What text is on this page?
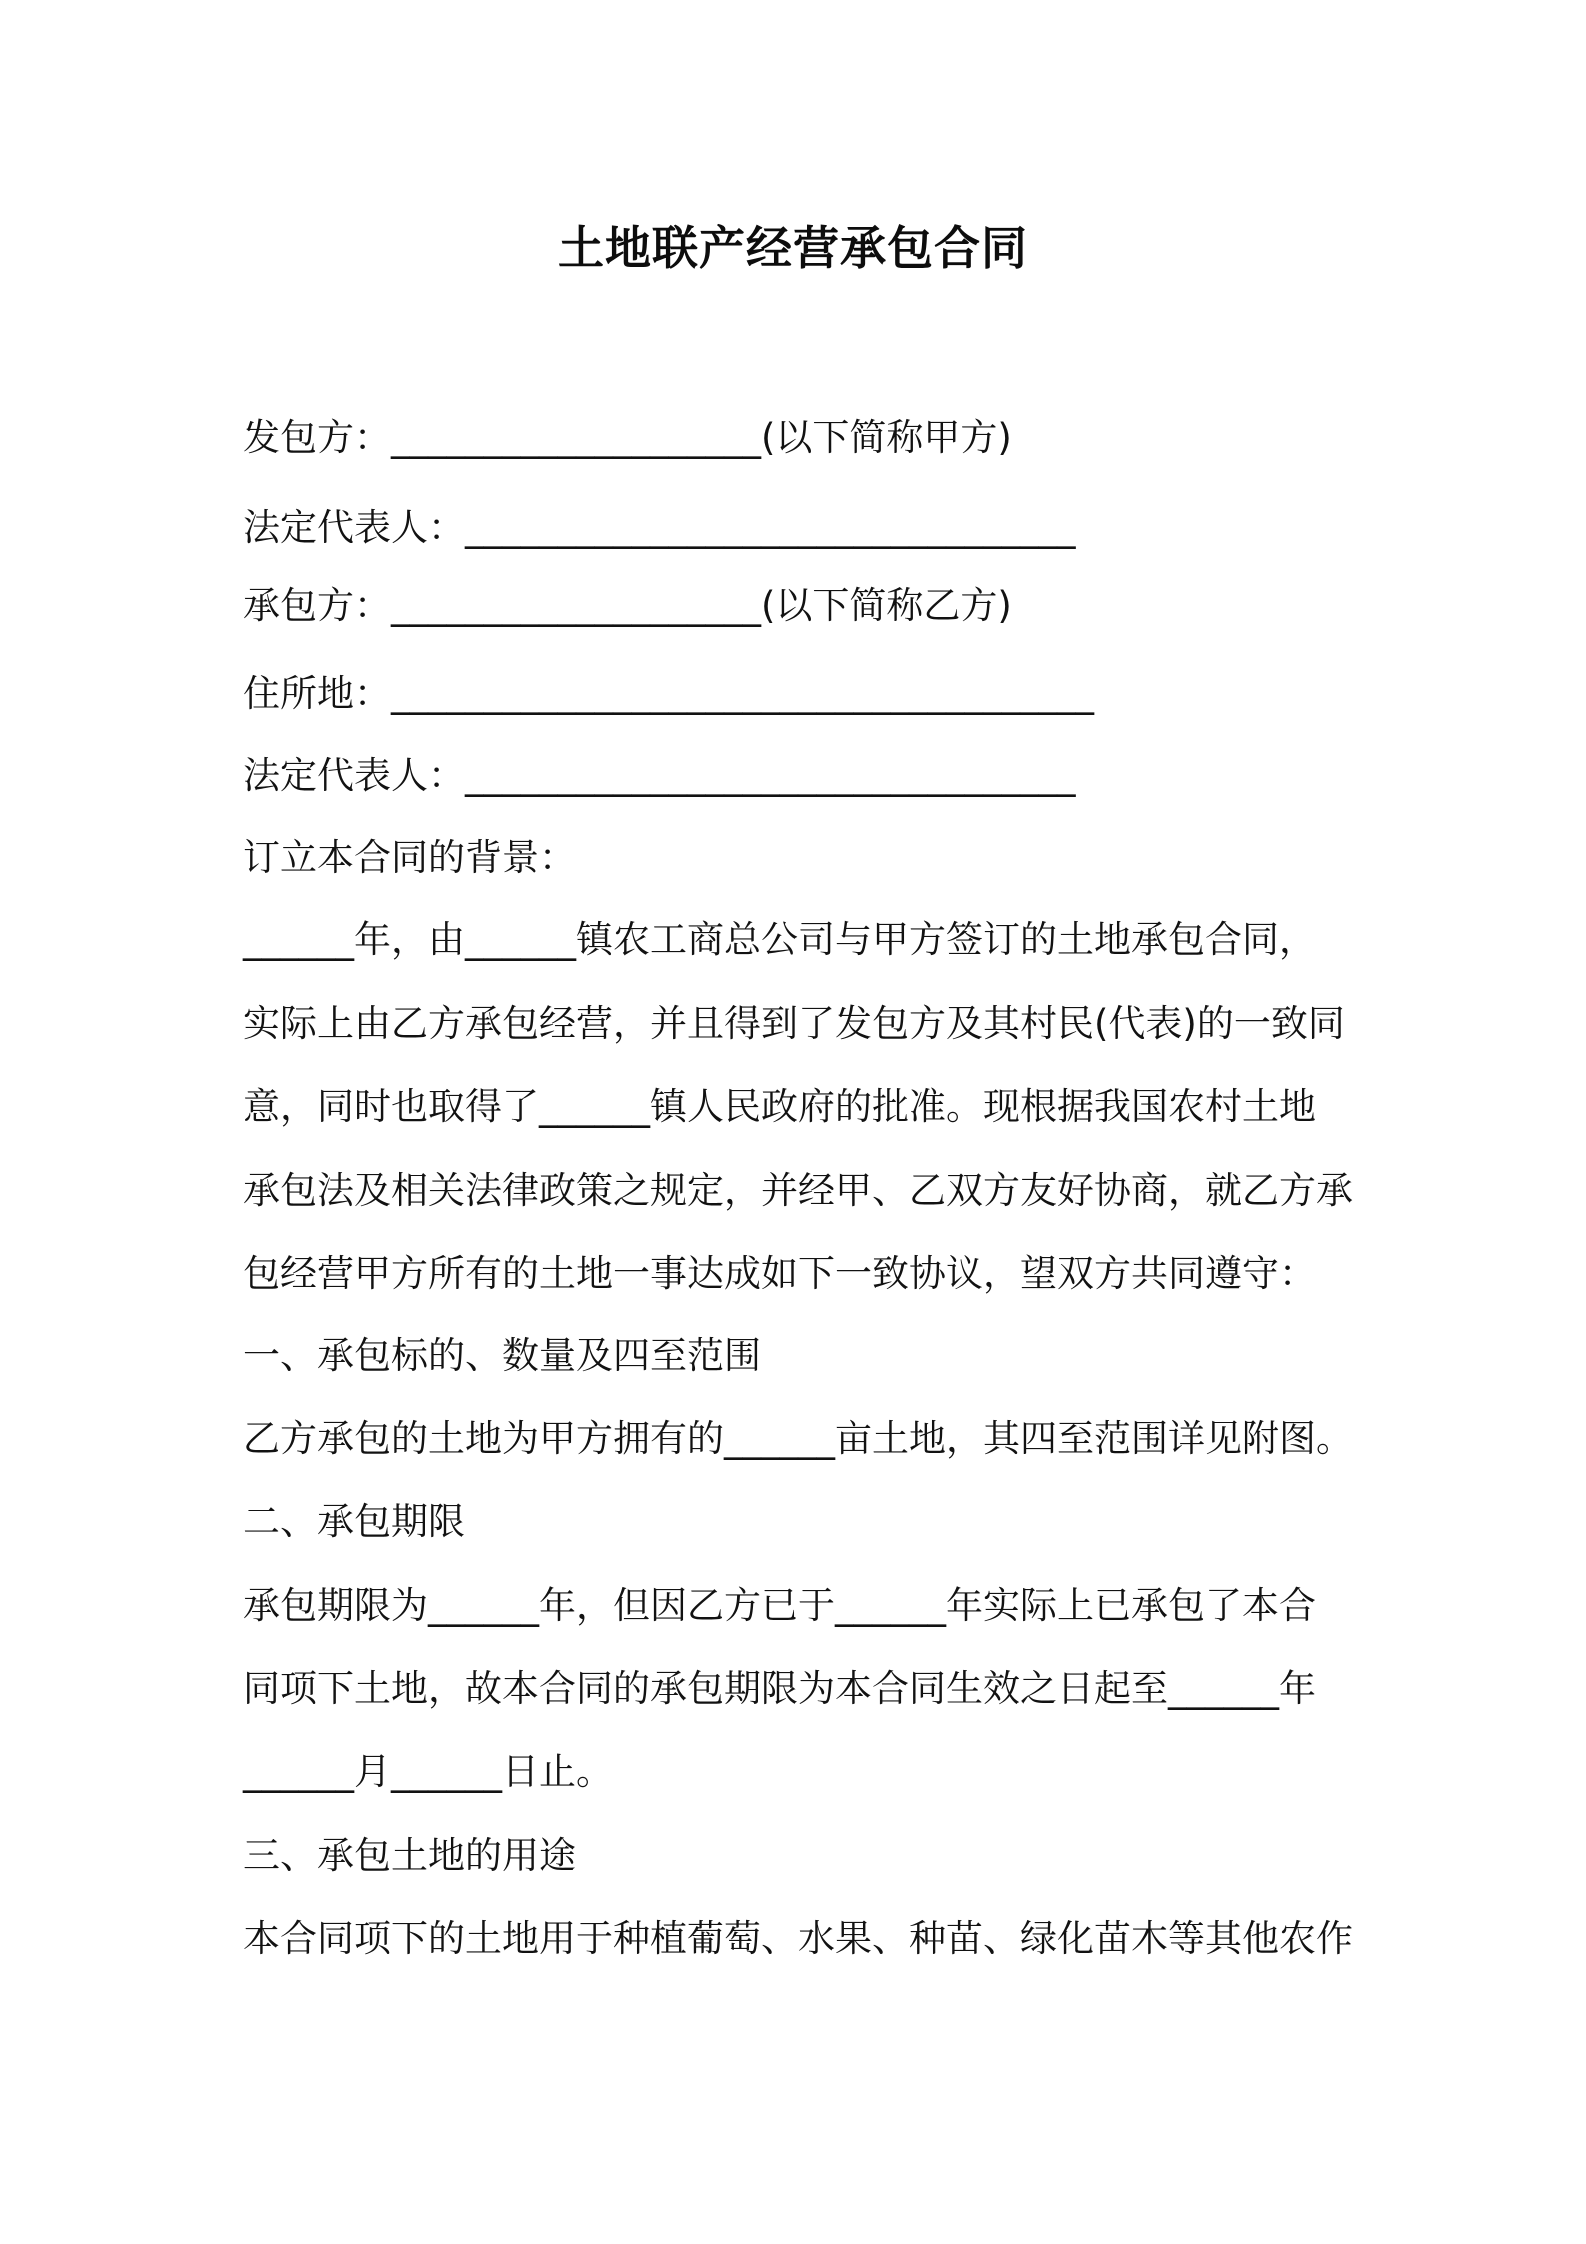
土地联产经营承包合同
发包方：____________________(以下简称甲方)
法定代表人：_________________________________
承包方：____________________(以下简称乙方)
住所地：______________________________________
法定代表人：_________________________________
订立本合同的背景：
______年，由______镇农工商总公司与甲方签订的土地承包合同，
实际上由乙方承包经营，并且得到了发包方及其村民(代表)的一致同
意，同时也取得了______镇人民政府的批准。现根据我国农村土地
承包法及相关法律政策之规定，并经甲、乙双方友好协商，就乙方承
包经营甲方所有的土地一事达成如下一致协议，望双方共同遵守：
一、承包标的、数量及四至范围
乙方承包的土地为甲方拥有的______亩土地，其四至范围详见附图。
二、承包期限
承包期限为______年，但因乙方已于______年实际上已承包了本合
同项下土地，故本合同的承包期限为本合同生效之日起至______年
______月______日止。
三、承包土地的用途
本合同项下的土地用于种植葡萄、水果、种苗、绿化苗木等其他农作
